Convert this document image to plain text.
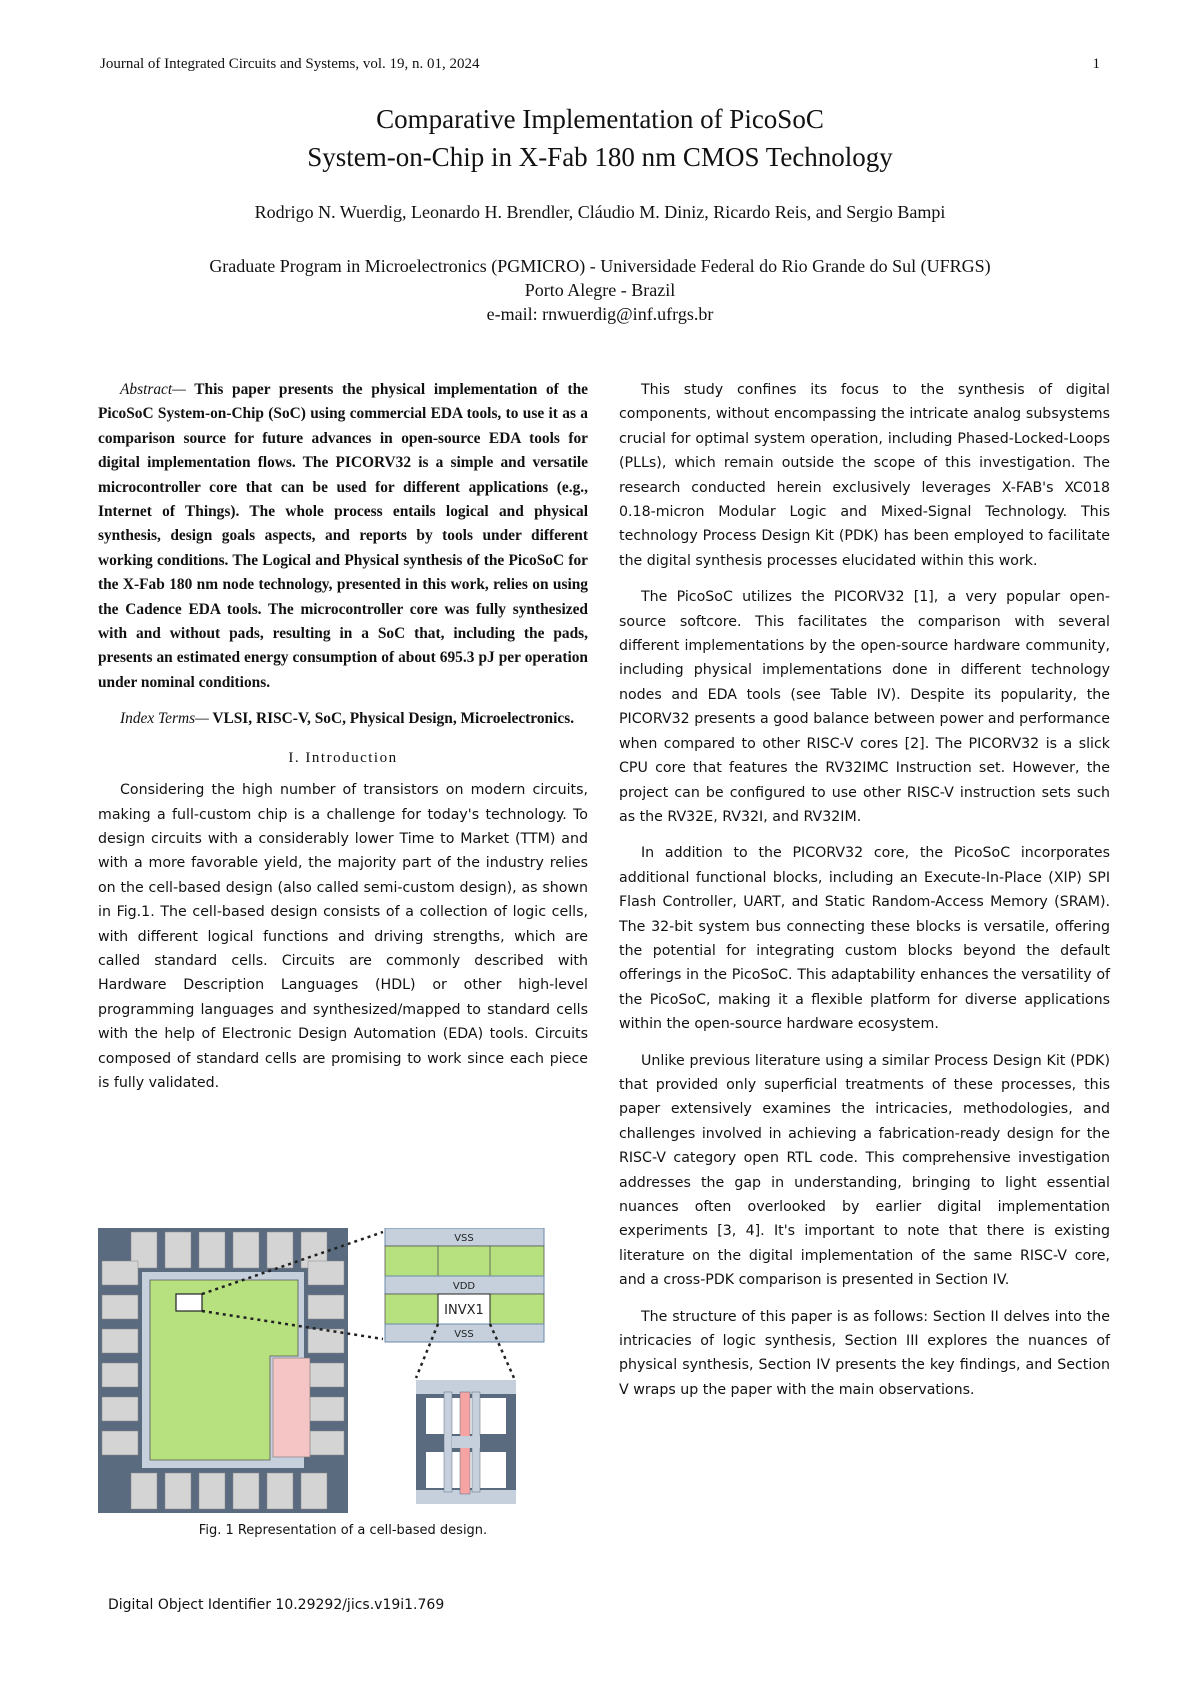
Journal of Integrated Circuits and Systems, vol. 19, n. 01, 2024	1
Comparative Implementation of PicoSoC
System-on-Chip in X-Fab 180 nm CMOS Technology
Rodrigo N. Wuerdig, Leonardo H. Brendler, Cláudio M. Diniz, Ricardo Reis, and Sergio Bampi
Graduate Program in Microelectronics (PGMICRO) - Universidade Federal do Rio Grande do Sul (UFRGS)
Porto Alegre - Brazil
e-mail: rnwuerdig@inf.ufrgs.br

Abstract— This paper presents the physical implementation of the PicoSoC System-on-Chip (SoC) using commercial EDA tools, to use it as a comparison source for future advances in open-source EDA tools for digital implementation flows. The PICORV32 is a simple and versatile microcontroller core that can be used for different applications (e.g., Internet of Things). The whole process entails logical and physical synthesis, design goals aspects, and reports by tools under different working conditions. The Logical and Physical synthesis of the PicoSoC for the X-Fab 180 nm node technology, presented in this work, relies on using the Cadence EDA tools. The microcontroller core was fully synthesized with and without pads, resulting in a SoC that, including the pads, presents an estimated energy consumption of about 695.3 pJ per operation under nominal conditions.

Index Terms— VLSI, RISC-V, SoC, Physical Design, Microelectronics.

I. Introduction

Considering the high number of transistors on modern circuits, making a full-custom chip is a challenge for today's technology. To design circuits with a considerably lower Time to Market (TTM) and with a more favorable yield, the majority part of the industry relies on the cell-based design (also called semi-custom design), as shown in Fig.1. The cell-based design consists of a collection of logic cells, with different logical functions and driving strengths, which are called standard cells. Circuits are commonly described with Hardware Description Languages (HDL) or other high-level programming languages and synthesized/mapped to standard cells with the help of Electronic Design Automation (EDA) tools. Circuits composed of standard cells are promising to work since each piece is fully validated.

This study confines its focus to the synthesis of digital components, without encompassing the intricate analog subsystems crucial for optimal system operation, including Phased-Locked-Loops (PLLs), which remain outside the scope of this investigation. The research conducted herein exclusively leverages X-FAB's XC018 0.18-micron Modular Logic and Mixed-Signal Technology. This technology Process Design Kit (PDK) has been employed to facilitate the digital synthesis processes elucidated within this work.

The PicoSoC utilizes the PICORV32 [1], a very popular open-source softcore. This facilitates the comparison with several different implementations by the open-source hardware community, including physical implementations done in different technology nodes and EDA tools (see Table IV). Despite its popularity, the PICORV32 presents a good balance between power and performance when compared to other RISC-V cores [2]. The PICORV32 is a slick CPU core that features the RV32IMC Instruction set. However, the project can be configured to use other RISC-V instruction sets such as the RV32E, RV32I, and RV32IM.

In addition to the PICORV32 core, the PicoSoC incorporates additional functional blocks, including an Execute-In-Place (XIP) SPI Flash Controller, UART, and Static Random-Access Memory (SRAM). The 32-bit system bus connecting these blocks is versatile, offering the potential for integrating custom blocks beyond the default offerings in the PicoSoC. This adaptability enhances the versatility of the PicoSoC, making it a flexible platform for diverse applications within the open-source hardware ecosystem.

Unlike previous literature using a similar Process Design Kit (PDK) that provided only superficial treatments of these processes, this paper extensively examines the intricacies, methodologies, and challenges involved in achieving a fabrication-ready design for the RISC-V category open RTL code. This comprehensive investigation addresses the gap in understanding, bringing to light essential nuances often overlooked by earlier digital implementation experiments [3, 4]. It's important to note that there is existing literature on the digital implementation of the same RISC-V core, and a cross-PDK comparison is presented in Section IV.

The structure of this paper is as follows: Section II delves into the intricacies of logic synthesis, Section III explores the nuances of physical synthesis, Section IV presents the key findings, and Section V wraps up the paper with the main observations.

VSS
VDD
INVX1
VSS
Fig. 1 Representation of a cell-based design.
Digital Object Identifier 10.29292/jics.v19i1.769
